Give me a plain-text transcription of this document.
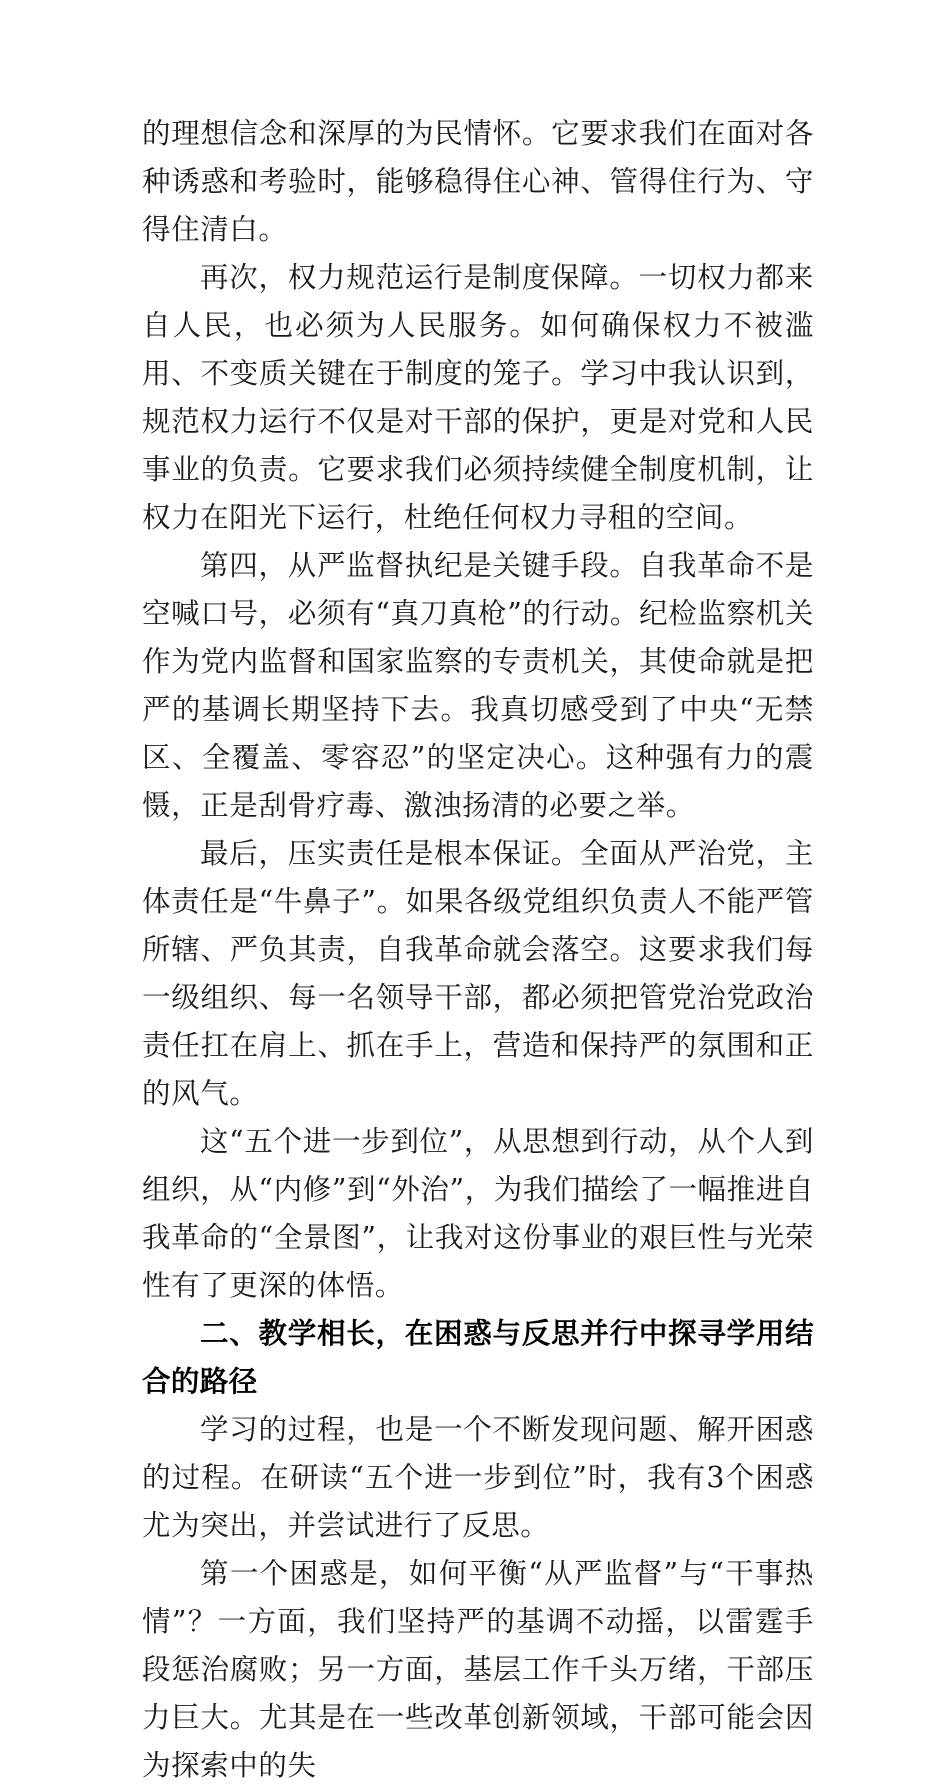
的理想信念和深厚的为民情怀。它要求我们在面对各种诱惑和考验时，能够稳得住心神、管得住行为、守得住清白。

再次，权力规范运行是制度保障。一切权力都来自人民，也必须为人民服务。如何确保权力不被滥用、不变质关键在于制度的笼子。学习中我认识到，规范权力运行不仅是对干部的保护，更是对党和人民事业的负责。它要求我们必须持续健全制度机制，让权力在阳光下运行，杜绝任何权力寻租的空间。

第四，从严监督执纪是关键手段。自我革命不是空喊口号，必须有“真刀真枪”的行动。纪检监察机关作为党内监督和国家监察的专责机关，其使命就是把严的基调长期坚持下去。我真切感受到了中央“无禁区、全覆盖、零容忍”的坚定决心。这种强有力的震慑，正是刮骨疗毒、激浊扬清的必要之举。

最后，压实责任是根本保证。全面从严治党，主体责任是“牛鼻子”。如果各级党组织负责人不能严管所辖、严负其责，自我革命就会落空。这要求我们每一级组织、每一名领导干部，都必须把管党治党政治责任扛在肩上、抓在手上，营造和保持严的氛围和正的风气。

这“五个进一步到位”，从思想到行动，从个人到组织，从“内修”到“外治”，为我们描绘了一幅推进自我革命的“全景图”，让我对这份事业的艰巨性与光荣性有了更深的体悟。

二、教学相长，在困惑与反思并行中探寻学用结合的路径

学习的过程，也是一个不断发现问题、解开困惑的过程。在研读“五个进一步到位”时，我有3个困惑尤为突出，并尝试进行了反思。

第一个困惑是，如何平衡“从严监督”与“干事热情”？一方面，我们坚持严的基调不动摇，以雷霆手段惩治腐败；另一方面，基层工作千头万绪，干部压力巨大。尤其是在一些改革创新领域，干部可能会因为探索中的失
